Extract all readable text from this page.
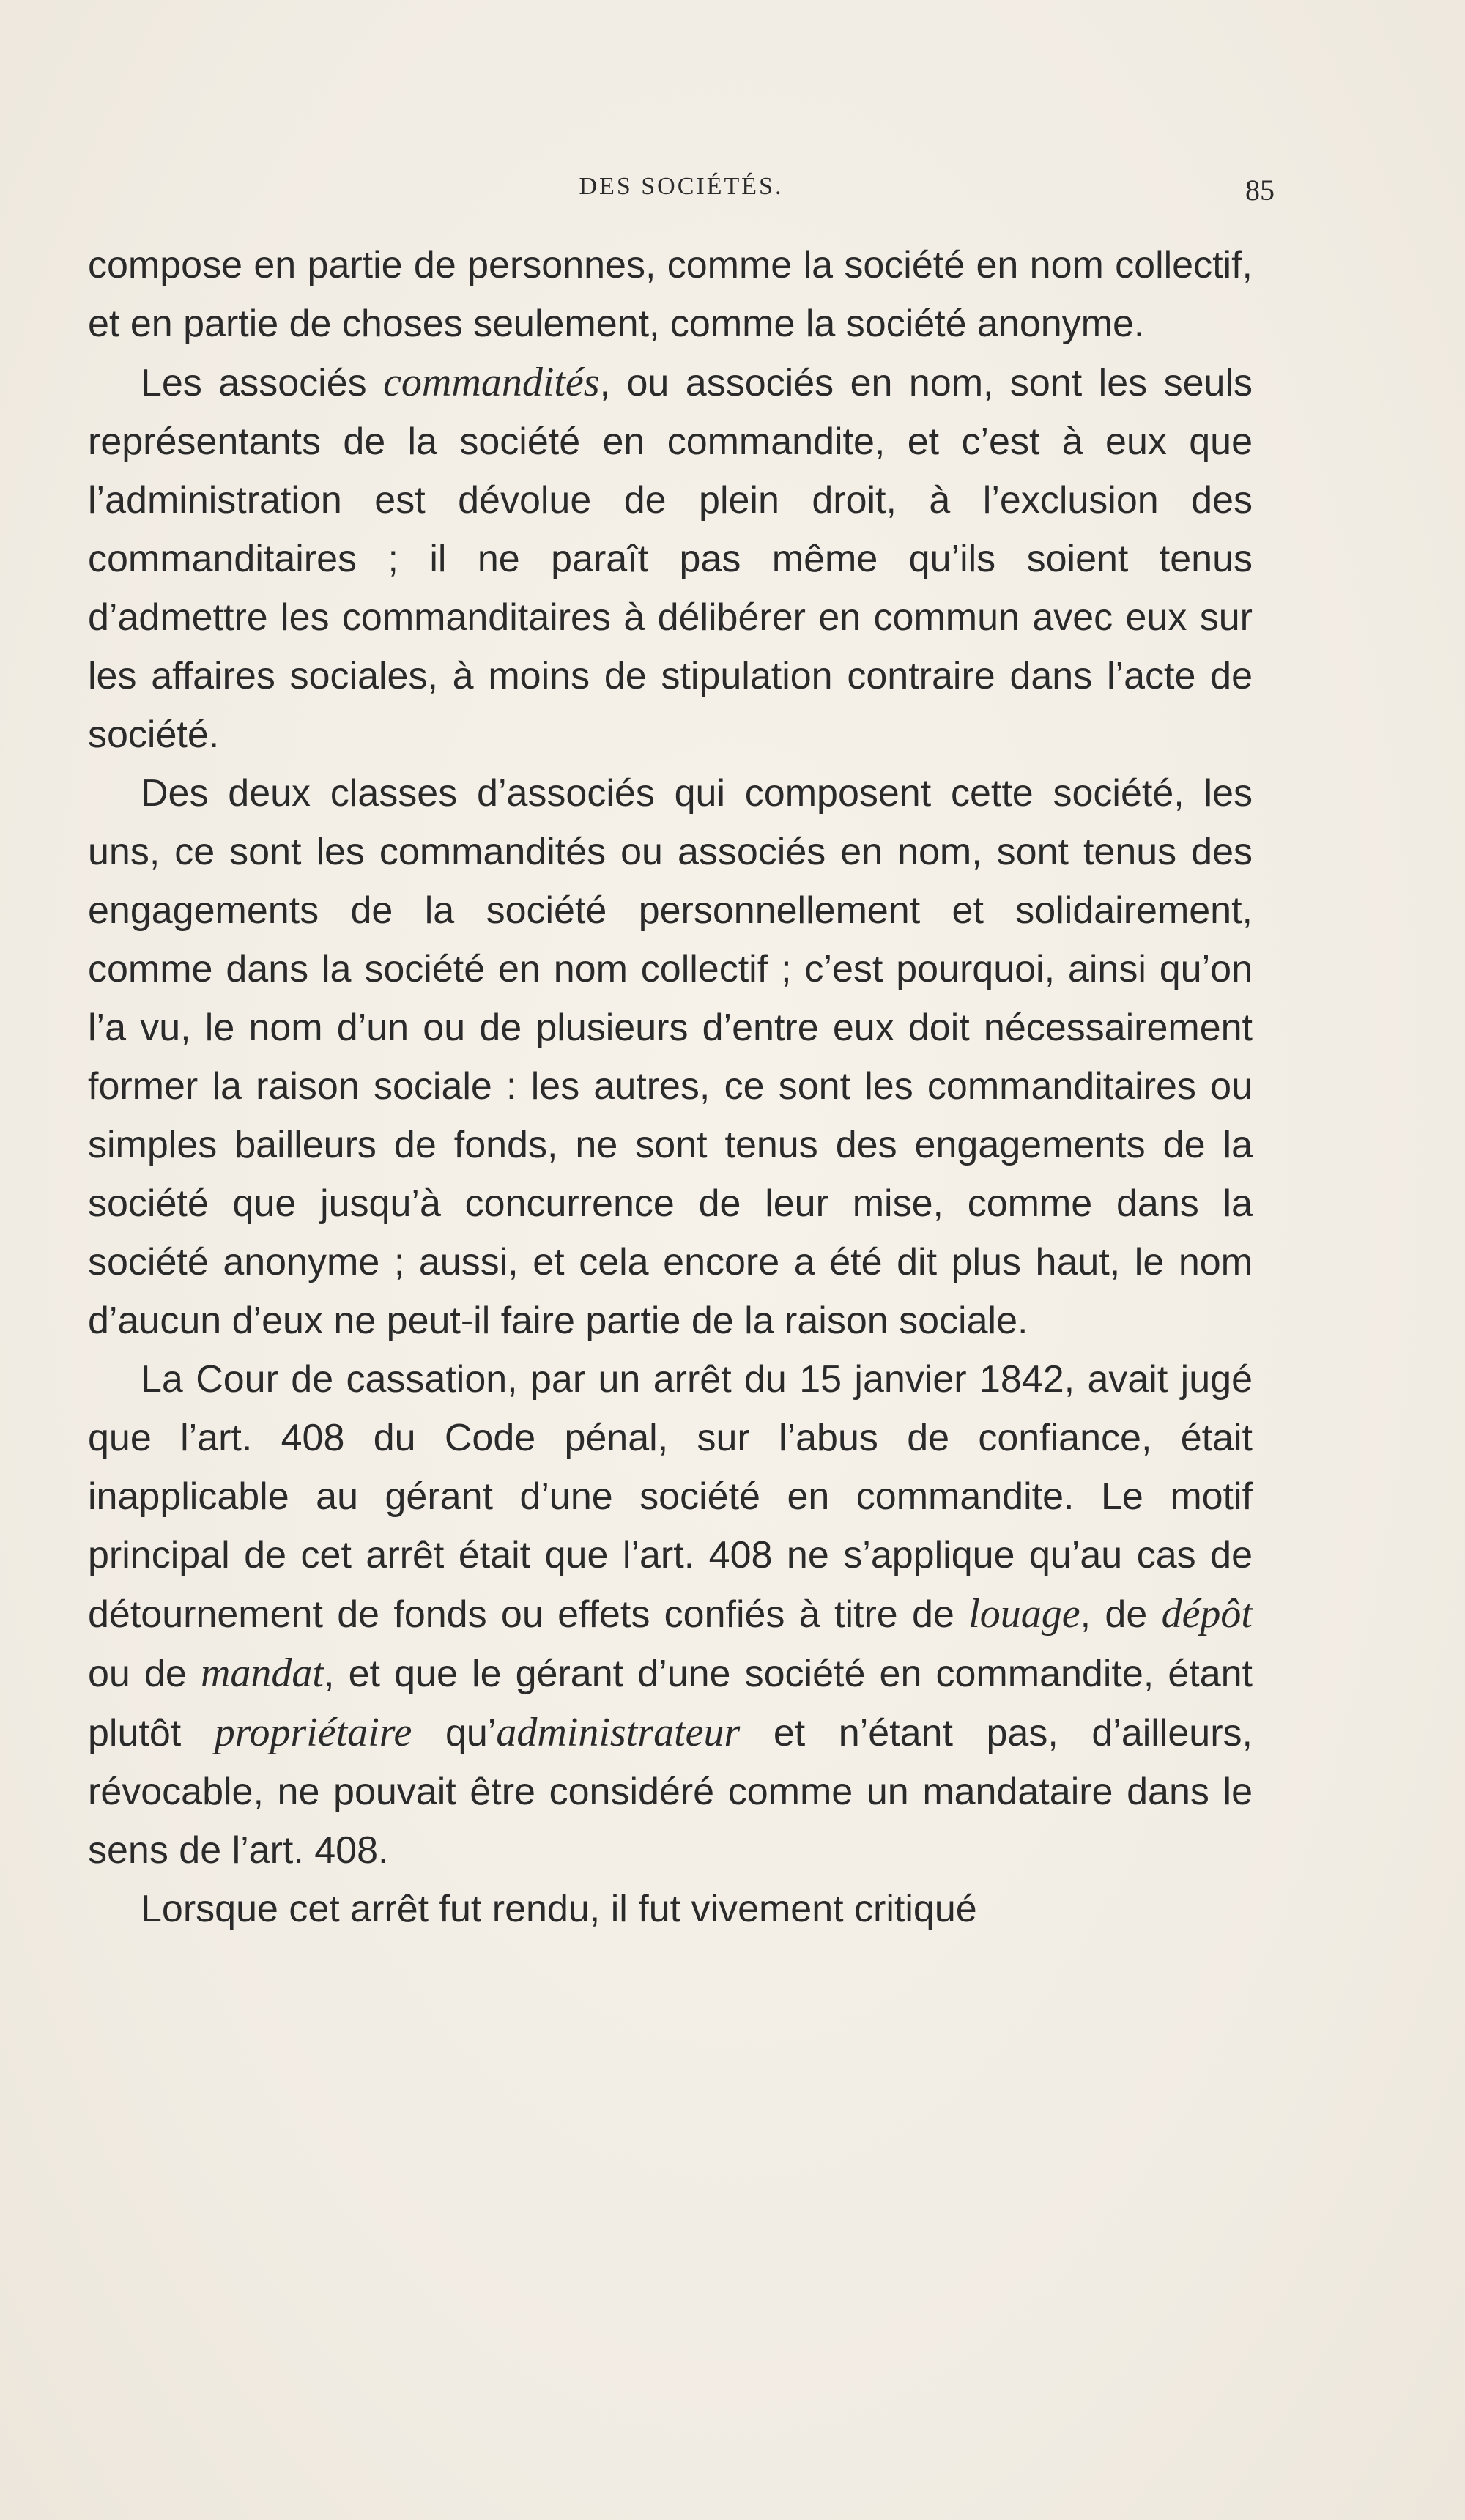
DES SOCIÉTÉS.	85

compose en partie de personnes, comme la société en nom collectif, et en partie de choses seulement, comme la société anonyme.

Les associés commandités, ou associés en nom, sont les seuls représentants de la société en commandite, et c’est à eux que l’administration est dévolue de plein droit, à l’exclusion des commanditaires ; il ne paraît pas même qu’ils soient tenus d’admettre les commanditaires à délibérer en commun avec eux sur les affaires sociales, à moins de stipulation contraire dans l’acte de société.

Des deux classes d’associés qui composent cette société, les uns, ce sont les commandités ou associés en nom, sont tenus des engagements de la société personnellement et solidairement, comme dans la société en nom collectif ; c’est pourquoi, ainsi qu’on l’a vu, le nom d’un ou de plusieurs d’entre eux doit nécessairement former la raison sociale : les autres, ce sont les commanditaires ou simples bailleurs de fonds, ne sont tenus des engagements de la société que jusqu’à concurrence de leur mise, comme dans la société anonyme ; aussi, et cela encore a été dit plus haut, le nom d’aucun d’eux ne peut-il faire partie de la raison sociale.

La Cour de cassation, par un arrêt du 15 janvier 1842, avait jugé que l’art. 408 du Code pénal, sur l’abus de confiance, était inapplicable au gérant d’une société en commandite. Le motif principal de cet arrêt était que l’art. 408 ne s’applique qu’au cas de détournement de fonds ou effets confiés à titre de louage, de dépôt ou de mandat, et que le gérant d’une société en commandite, étant plutôt propriétaire qu’administrateur et n’étant pas, d’ailleurs, révocable, ne pouvait être considéré comme un mandataire dans le sens de l’art. 408.

Lorsque cet arrêt fut rendu, il fut vivement critiqué
